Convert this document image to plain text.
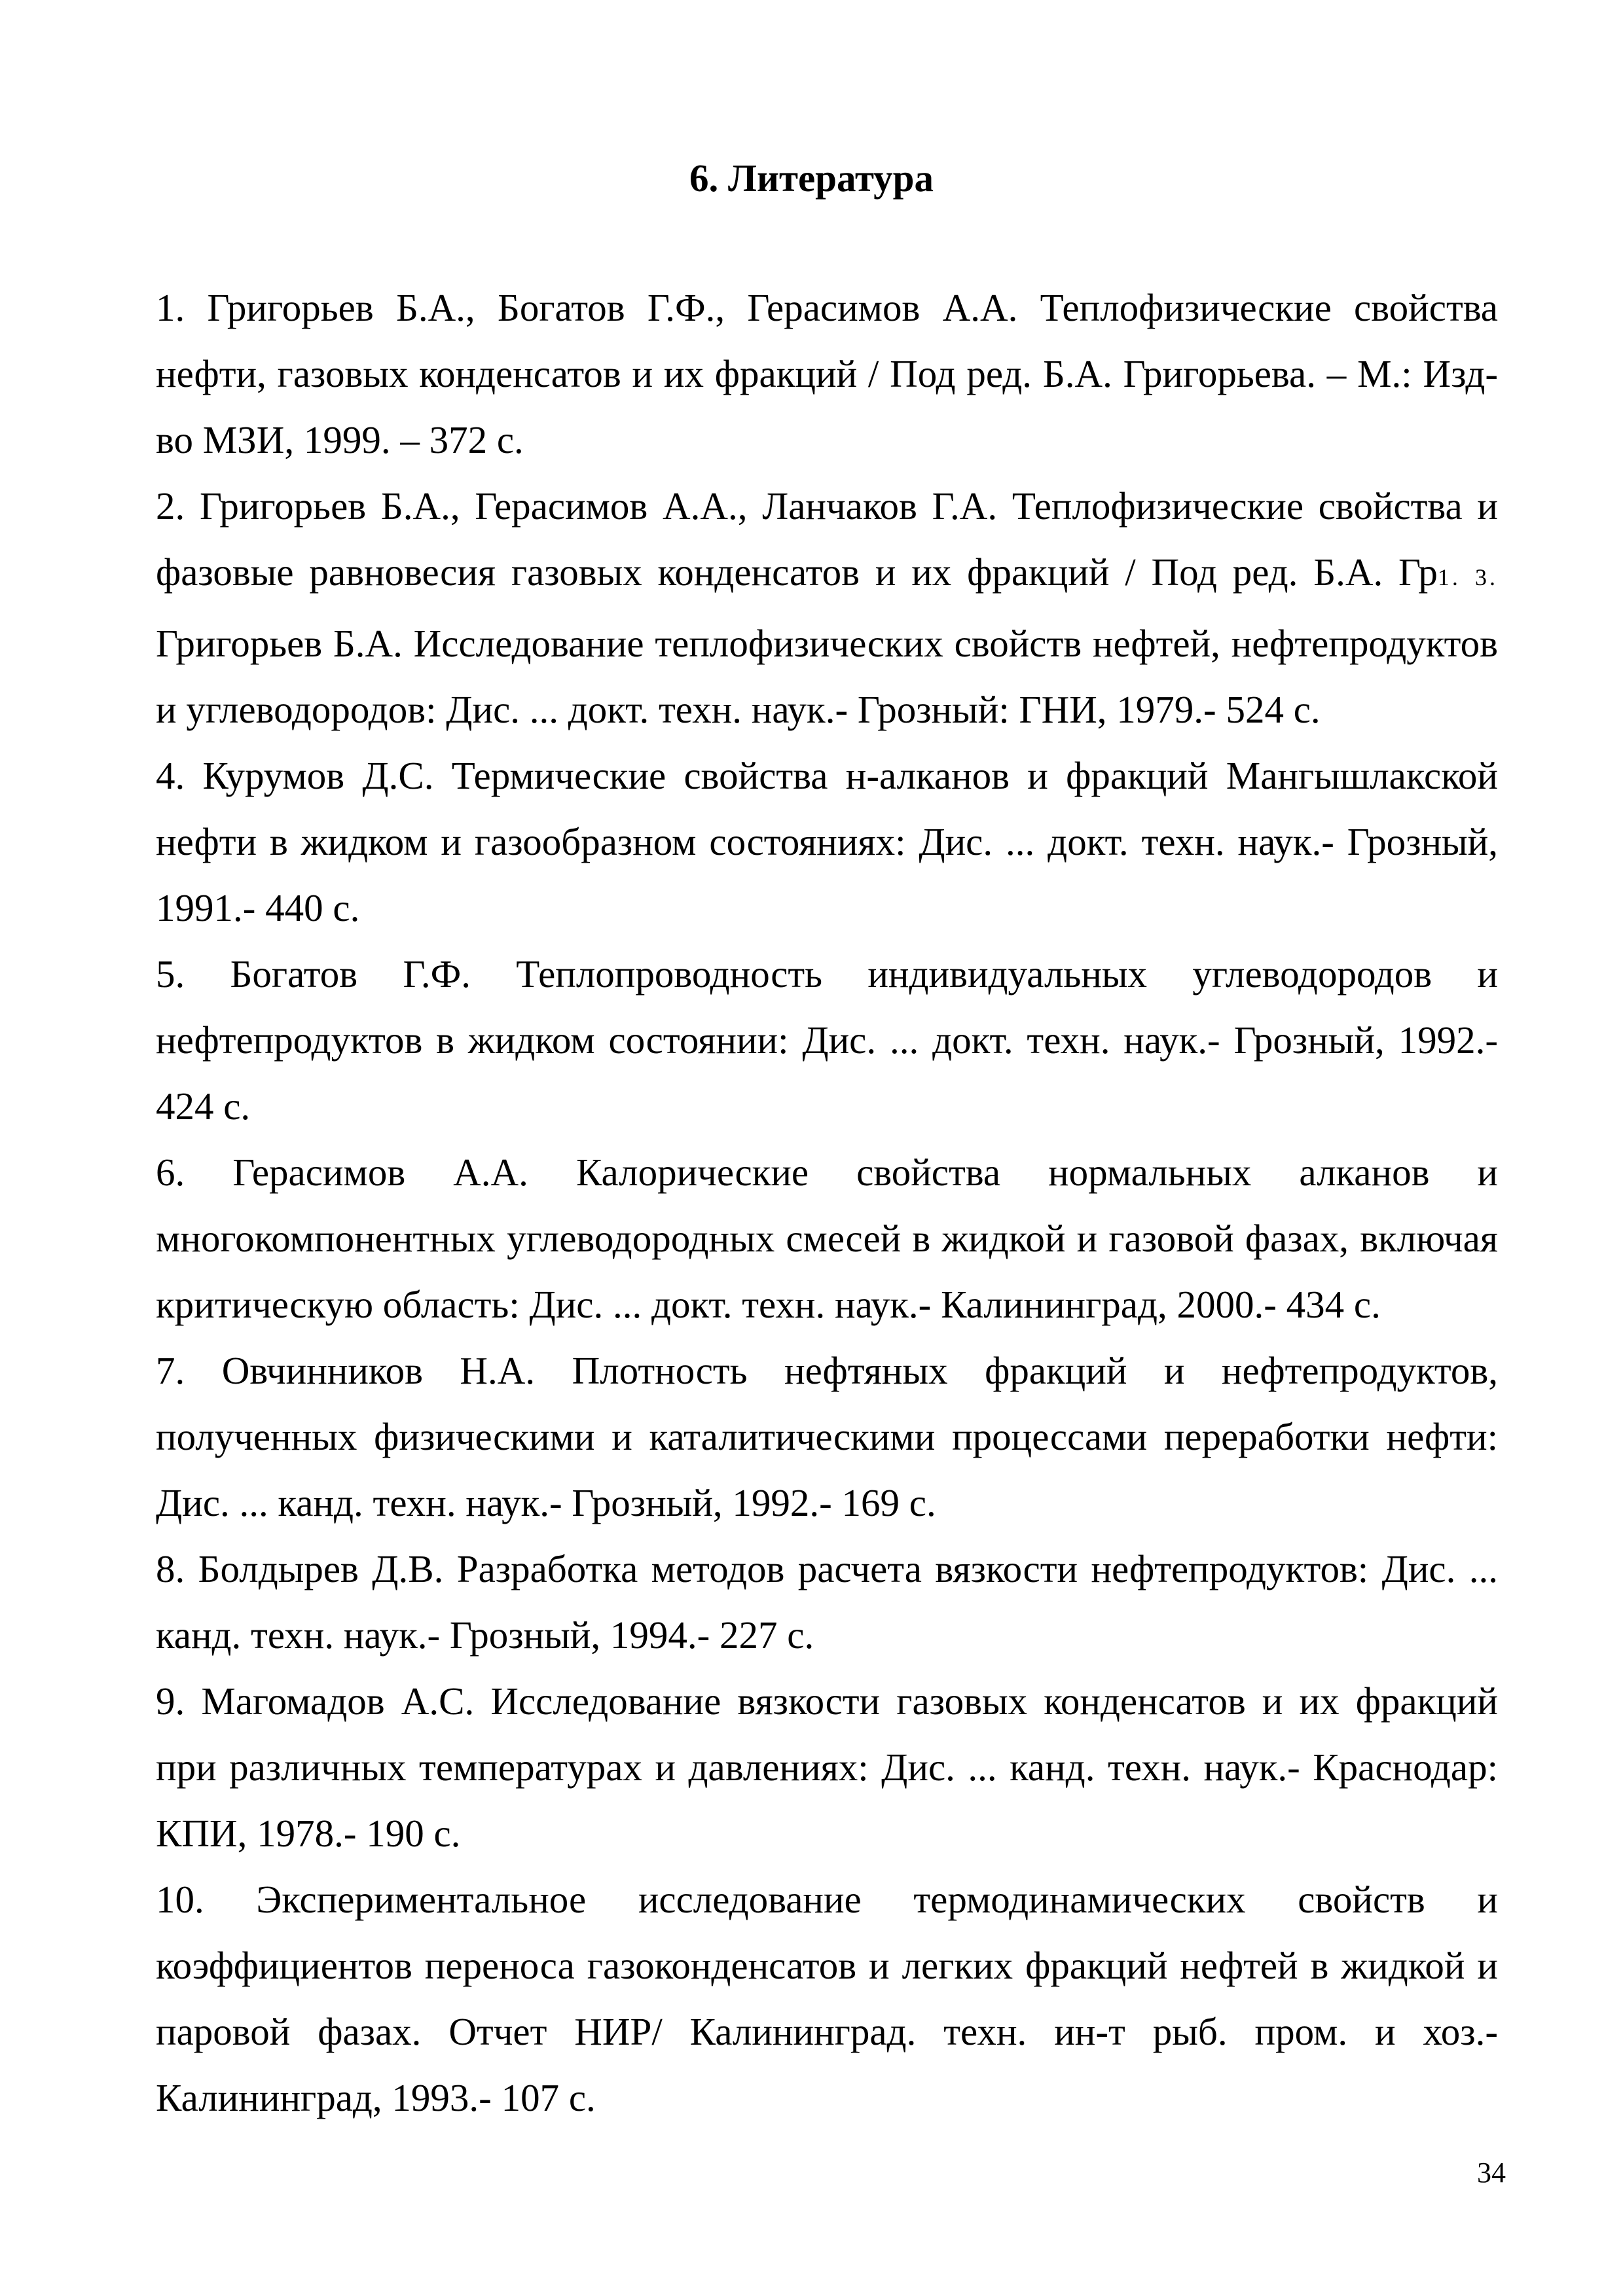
6. Литература

1. Григорьев Б.А., Богатов Г.Ф., Герасимов А.А. Теплофизические свойства нефти, газовых конденсатов и их фракций / Под ред. Б.А. Григорьева. – М.: Изд-во МЗИ, 1999. – 372 с.

2. Григорьев Б.А., Герасимов А.А., Ланчаков Г.А. Теплофизические свойства и фазовые равновесия газовых конденсатов и их фракций / Под ред. Б.А. Гр1. 3. Григорьев Б.А. Исследование теплофизических свойств нефтей, нефтепродуктов и углеводородов: Дис. ... докт. техн. наук.- Грозный: ГНИ, 1979.- 524 с.

4. Курумов Д.С. Термические свойства н-алканов и фракций Мангышлакской нефти в жидком и газообразном состояниях: Дис. ... докт. техн. наук.- Грозный, 1991.- 440 с.

5. Богатов Г.Ф. Теплопроводность индивидуальных углеводородов и нефтепродуктов в жидком состоянии: Дис. ... докт. техн. наук.- Грозный, 1992.- 424 с.

6. Герасимов А.А. Калорические свойства нормальных алканов и многокомпонентных углеводородных смесей в жидкой и газовой фазах, включая критическую область: Дис. ... докт. техн. наук.- Калининград, 2000.- 434 с.

7. Овчинников Н.А. Плотность нефтяных фракций и нефтепродуктов, полученных физическими и каталитическими процессами переработки нефти: Дис. ... канд. техн. наук.- Грозный, 1992.- 169 с.

8. Болдырев Д.В. Разработка методов расчета вязкости нефтепродуктов: Дис. ... канд. техн. наук.- Грозный, 1994.- 227 с.

9. Магомадов А.С. Исследование вязкости газовых конденсатов и их фракций при различных температурах и давлениях: Дис. ... канд. техн. наук.- Краснодар: КПИ, 1978.- 190 с.

10. Экспериментальное исследование термодинамических свойств и коэффициентов переноса газоконденсатов и легких фракций нефтей в жидкой и паровой фазах. Отчет НИР/ Калининград. техн. ин-т рыб. пром. и хоз.- Калининград, 1993.- 107 с.

34
